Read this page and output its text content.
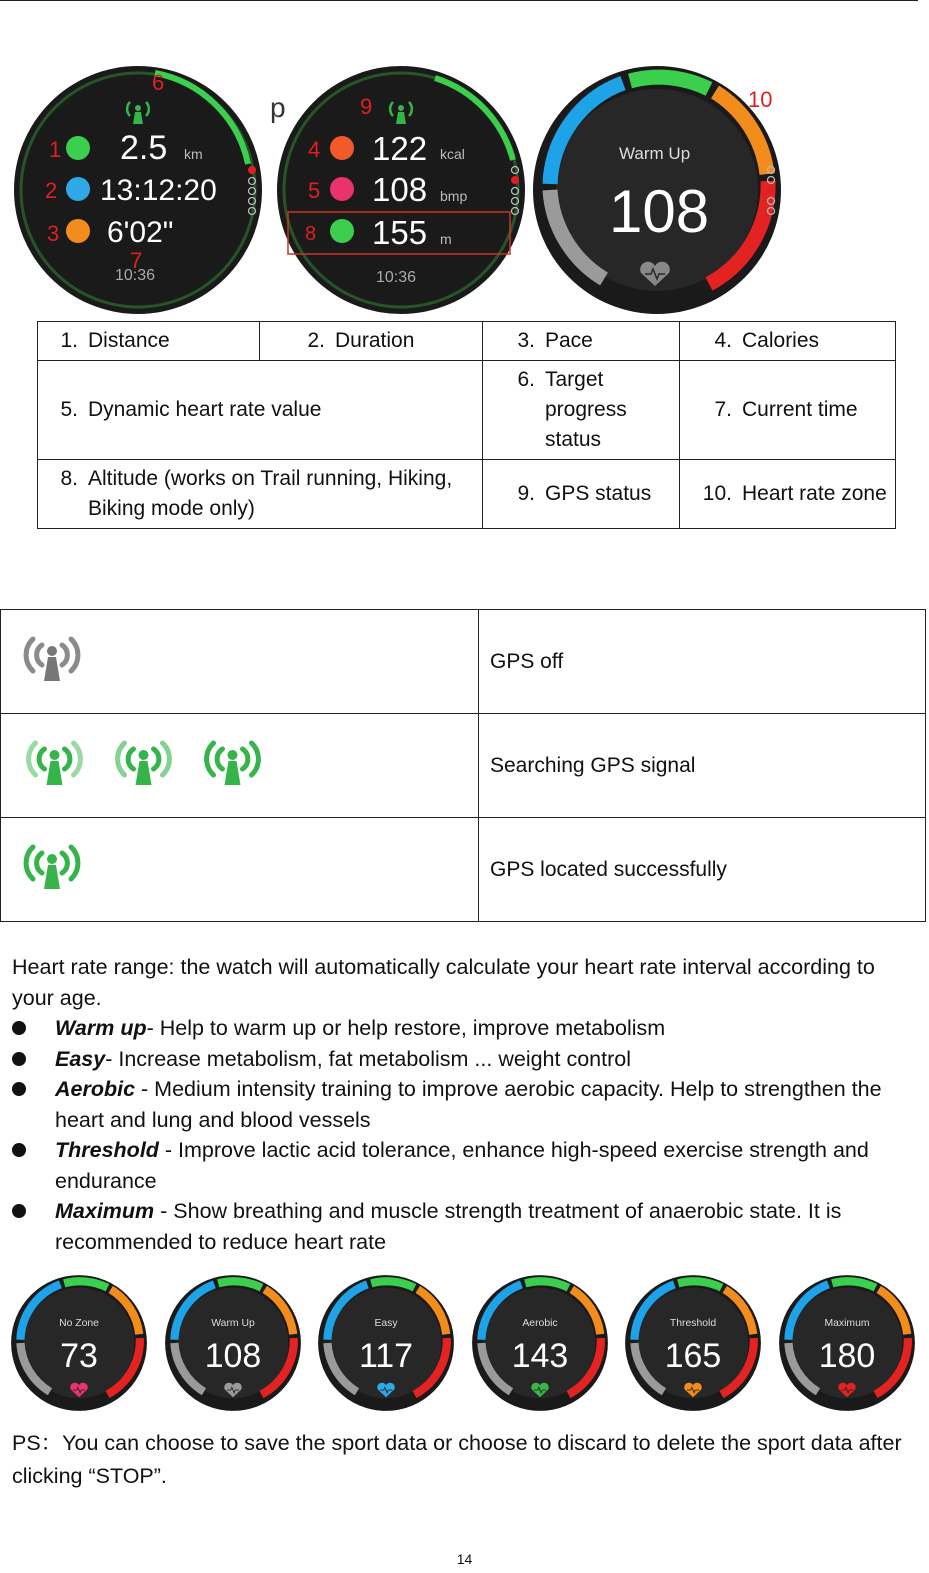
1
2
3
2.5 km
13:12:20
6'02"
6
7
10:36
p
4
5
8
122 kcal
108 bmp
155 m
9
10:36
Warm Up
108
10
1. Distance	2. Duration	3. Pace	4. Calories

5. Dynamic heart rate value		6. Target progress status	7. Current time

8. Altitude (works on Trail running, Hiking, Biking mode only)		9. GPS status	10. Heart rate zone
	GPS off
	Searching GPS signal
	GPS located successfully
Heart rate range: the watch will automatically calculate your heart rate interval according to your age.
Warm up- Help to warm up or help restore, improve metabolism
Easy- Increase metabolism, fat metabolism ... weight control
Aerobic - Medium intensity training to improve aerobic capacity. Help to strengthen the heart and lung and blood vessels
Threshold - Improve lactic acid tolerance, enhance high-speed exercise strength and endurance
Maximum - Show breathing and muscle strength treatment of anaerobic state. It is recommended to reduce heart rate
No Zone
73
Warm Up
108
Easy
117
Aerobic
143
Threshold
165
Maximum
180
PS：You can choose to save the sport data or choose to discard to delete the sport data after clicking “STOP”.
14
